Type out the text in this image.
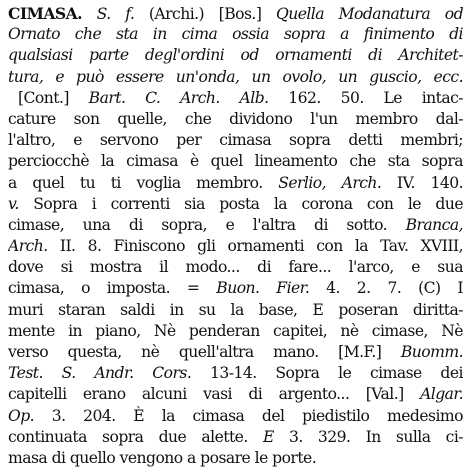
CIMASA. S. f. (Archi.) [Bos.] Quella Modanatura od
Ornato che sta in cima ossia sopra a finimento di
qualsiasi parte degl'ordini od ornamenti di Architet-
tura, e può essere un'onda, un ovolo, un guscio, ecc.
[Cont.] Bart. C. Arch. Alb. 162. 50. Le intac-
cature son quelle, che dividono l'un membro dal-
l'altro, e servono per cimasa sopra detti membri;
perciocchè la cimasa è quel lineamento che sta sopra
a quel tu ti voglia membro. Serlio, Arch. IV. 140.
v. Sopra i correnti sia posta la corona con le due
cimase, una di sopra, e l'altra di sotto. Branca,
Arch. II. 8. Finiscono gli ornamenti con la Tav. XVIII,
dove si mostra il modo... di fare... l'arco, e sua
cimasa, o imposta. = Buon. Fier. 4. 2. 7. (C) I
muri staran saldi in su la base, E poseran diritta-
mente in piano, Nè penderan capitei, nè cimase, Nè
verso questa, nè quell'altra mano. [M.F.] Buomm.
Test. S. Andr. Cors. 13-14. Sopra le cimase dei
capitelli erano alcuni vasi di argento... [Val.] Algar.
Op. 3. 204. È la cimasa del piedistilo medesimo
continuata sopra due alette. E 3. 329. In sulla ci-
masa di quello vengono a posare le porte.
